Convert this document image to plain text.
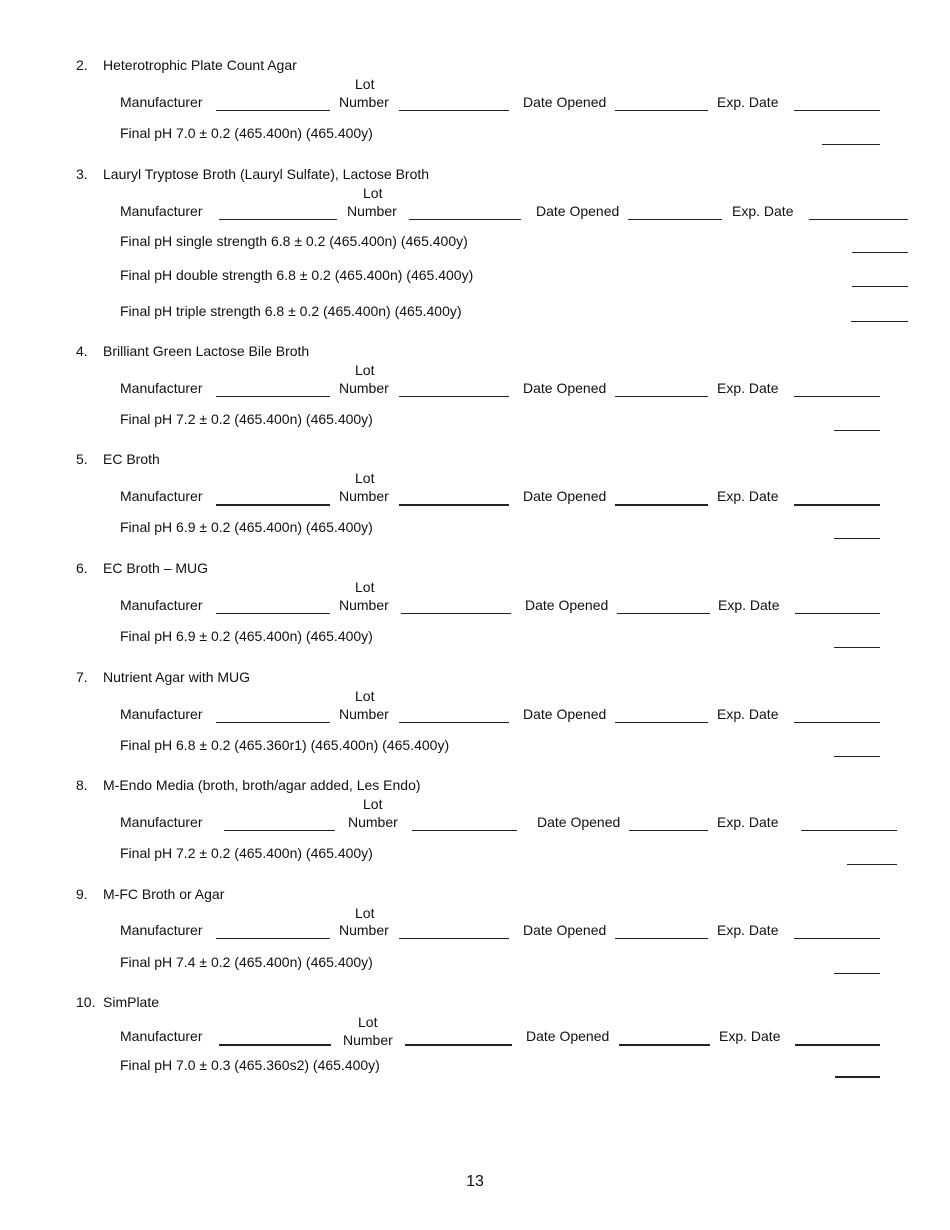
2. Heterotrophic Plate Count Agar
Lot
Manufacturer	Number	Date Opened	Exp. Date
Final pH 7.0 ± 0.2 (465.400n) (465.400y)
3. Lauryl Tryptose Broth (Lauryl Sulfate), Lactose Broth
Lot
Manufacturer	Number	Date Opened	Exp. Date
Final pH single strength 6.8 ± 0.2 (465.400n) (465.400y)
Final pH double strength 6.8 ± 0.2 (465.400n) (465.400y)
Final pH triple strength 6.8 ± 0.2 (465.400n) (465.400y)
4. Brilliant Green Lactose Bile Broth
Lot
Manufacturer	Number	Date Opened	Exp. Date
Final pH 7.2 ± 0.2 (465.400n) (465.400y)
5. EC Broth
Lot
Manufacturer	Number	Date Opened	Exp. Date
Final pH 6.9 ± 0.2 (465.400n) (465.400y)
6. EC Broth – MUG
Lot
Manufacturer	Number	Date Opened	Exp. Date
Final pH 6.9 ± 0.2 (465.400n) (465.400y)
7. Nutrient Agar with MUG
Lot
Manufacturer	Number	Date Opened	Exp. Date
Final pH 6.8 ± 0.2 (465.360r1) (465.400n) (465.400y)
8. M-Endo Media (broth, broth/agar added, Les Endo)
Lot
Manufacturer	Number	Date Opened	Exp. Date
Final pH 7.2 ± 0.2 (465.400n) (465.400y)
9. M-FC Broth or Agar
Lot
Manufacturer	Number	Date Opened	Exp. Date
Final pH 7.4 ± 0.2 (465.400n) (465.400y)
10. SimPlate
Lot
Manufacturer	Number	Date Opened	Exp. Date
Final pH 7.0 ± 0.3 (465.360s2) (465.400y)
13
